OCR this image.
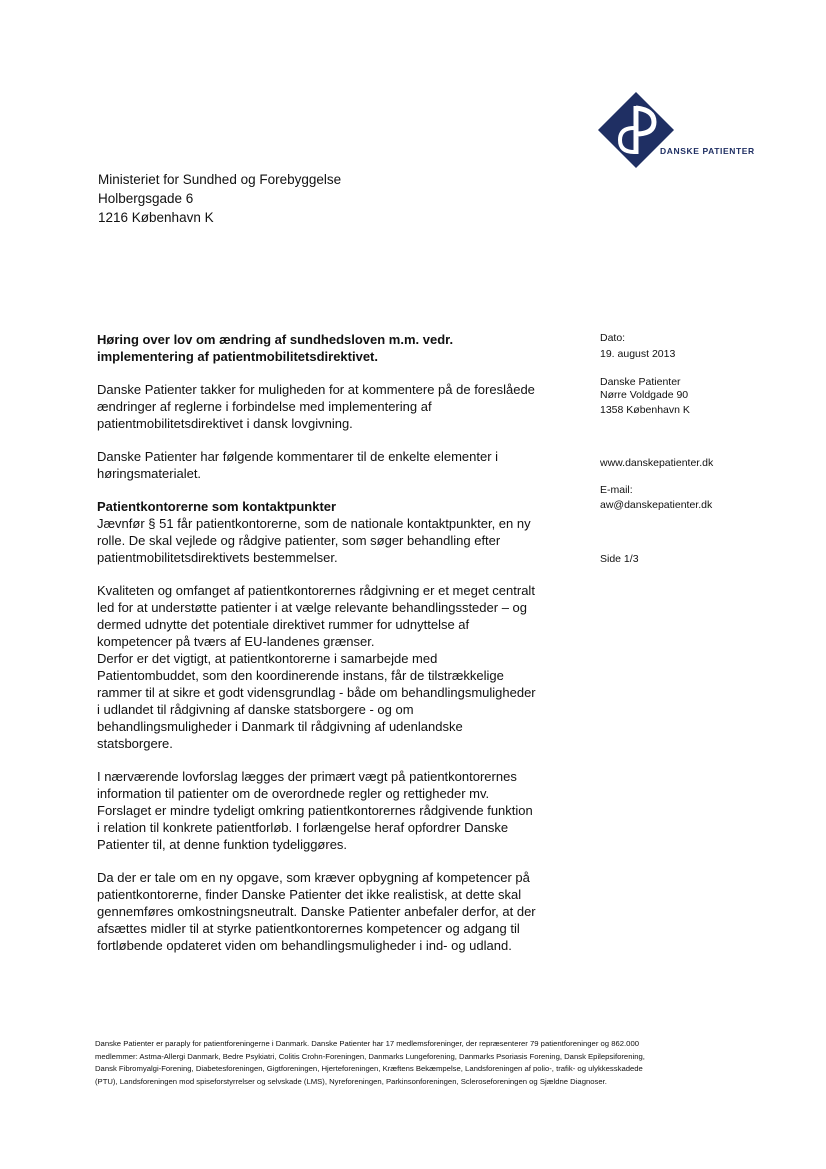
DANSKE PATIENTER
Ministeriet for Sundhed og Forebyggelse
Holbergsgade 6
1216 København K

Høring over lov om ændring af sundhedsloven m.m. vedr.
implementering af patientmobilitetsdirektivet.

Danske Patienter takker for muligheden for at kommentere på de foreslåede ændringer af reglerne i forbindelse med implementering af patientmobilitetsdirektivet i dansk lovgivning.

Danske Patienter har følgende kommentarer til de enkelte elementer i høringsmaterialet.

Patientkontorerne som kontaktpunkter

Jævnfør § 51 får patientkontorerne, som de nationale kontaktpunkter, en ny rolle. De skal vejlede og rådgive patienter, som søger behandling efter patientmobilitetsdirektivets bestemmelser.

Kvaliteten og omfanget af patientkontorernes rådgivning er et meget centralt led for at understøtte patienter i at vælge relevante behandlingssteder – og dermed udnytte det potentiale direktivet rummer for udnyttelse af kompetencer på tværs af EU-landenes grænser.

Derfor er det vigtigt, at patientkontorerne i samarbejde med Patientombuddet, som den koordinerende instans, får de tilstrækkelige rammer til at sikre et godt vidensgrundlag - både om behandlingsmuligheder i udlandet til rådgivning af danske statsborgere - og om behandlingsmuligheder i Danmark til rådgivning af udenlandske statsborgere.

I nærværende lovforslag lægges der primært vægt på patientkontorernes information til patienter om de overordnede regler og rettigheder mv. Forslaget er mindre tydeligt omkring patientkontorernes rådgivende funktion i relation til konkrete patientforløb. I forlængelse heraf opfordrer Danske Patienter til, at denne funktion tydeliggøres.

Da der er tale om en ny opgave, som kræver opbygning af kompetencer på patientkontorerne, finder Danske Patienter det ikke realistisk, at dette skal gennemføres omkostningsneutralt. Danske Patienter anbefaler derfor, at der afsættes midler til at styrke patientkontorernes kompetencer og adgang til fortløbende opdateret viden om behandlingsmuligheder i ind- og udland.

Dato:
19. august 2013
Danske Patienter
Nørre Voldgade 90
1358 København K
www.danskepatienter.dk
E-mail:
aw@danskepatienter.dk
Side 1/3
Danske Patienter er paraply for patientforeningerne i Danmark. Danske Patienter har 17 medlemsforeninger, der repræsenterer 79 patientforeninger og 862.000
medlemmer: Astma-Allergi Danmark, Bedre Psykiatri, Colitis Crohn-Foreningen, Danmarks Lungeforening, Danmarks Psoriasis Forening, Dansk Epilepsiforening,
Dansk Fibromyalgi-Forening, Diabetesforeningen, Gigtforeningen, Hjerteforeningen, Kræftens Bekæmpelse, Landsforeningen af polio-, trafik- og ulykkesskadede
(PTU), Landsforeningen mod spiseforstyrrelser og selvskade (LMS), Nyreforeningen, Parkinsonforeningen, Scleroseforeningen og Sjældne Diagnoser.
